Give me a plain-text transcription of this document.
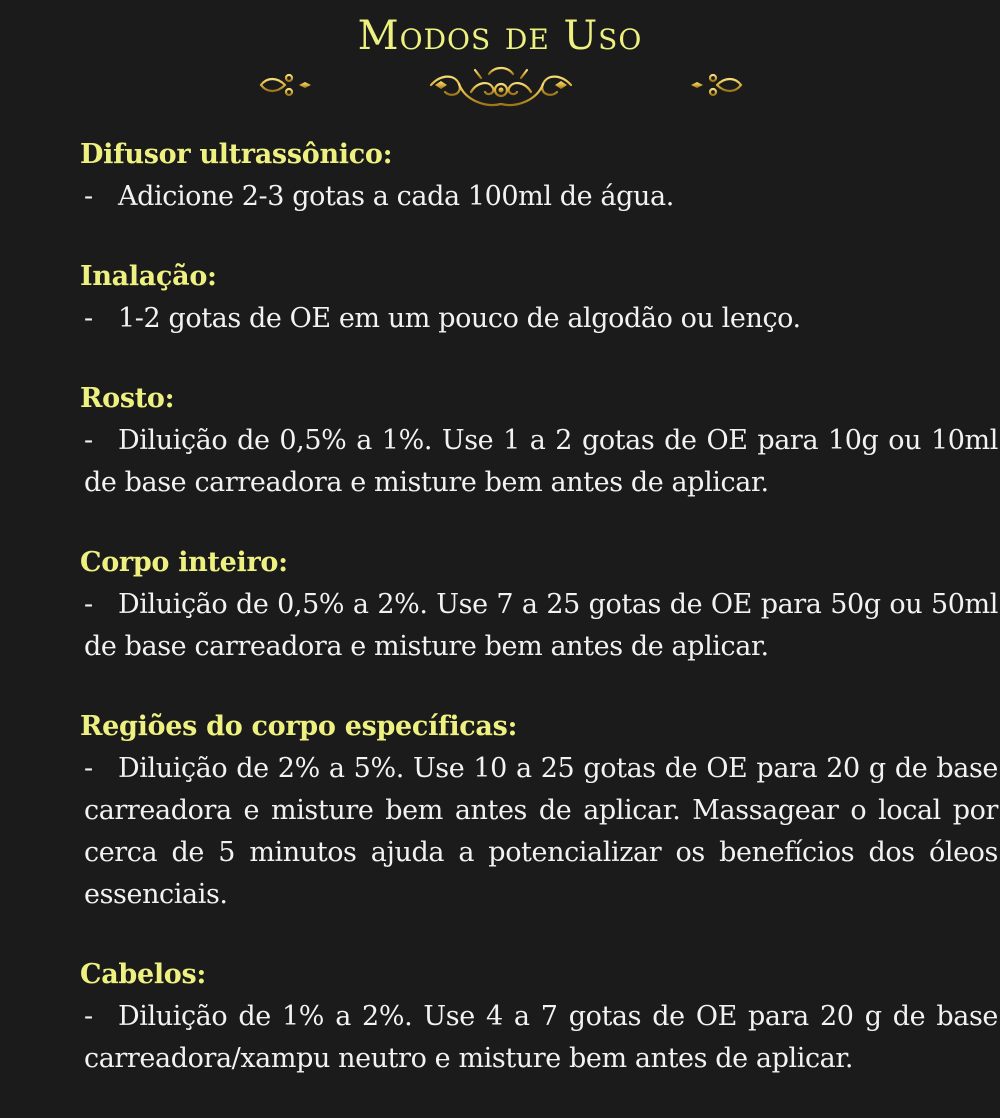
Modos de Uso

Difusor ultrassônico:

- Adicione 2-3 gotas a cada 100ml de água.

Inalação:

- 1-2 gotas de OE em um pouco de algodão ou lenço.

Rosto:

- Diluição de 0,5% a 1%. Use 1 a 2 gotas de OE para 10g ou 10ml de base carreadora e misture bem antes de aplicar.

Corpo inteiro:

- Diluição de 0,5% a 2%. Use 7 a 25 gotas de OE para 50g ou 50ml de base carreadora e misture bem antes de aplicar.

Regiões do corpo específicas:

- Diluição de 2% a 5%. Use 10 a 25 gotas de OE para 20 g de base carreadora e misture bem antes de aplicar. Massagear o local por cerca de 5 minutos ajuda a potencializar os benefícios dos óleos essenciais.

Cabelos:

- Diluição de 1% a 2%. Use 4 a 7 gotas de OE para 20 g de base carreadora/xampu neutro e misture bem antes de aplicar.
